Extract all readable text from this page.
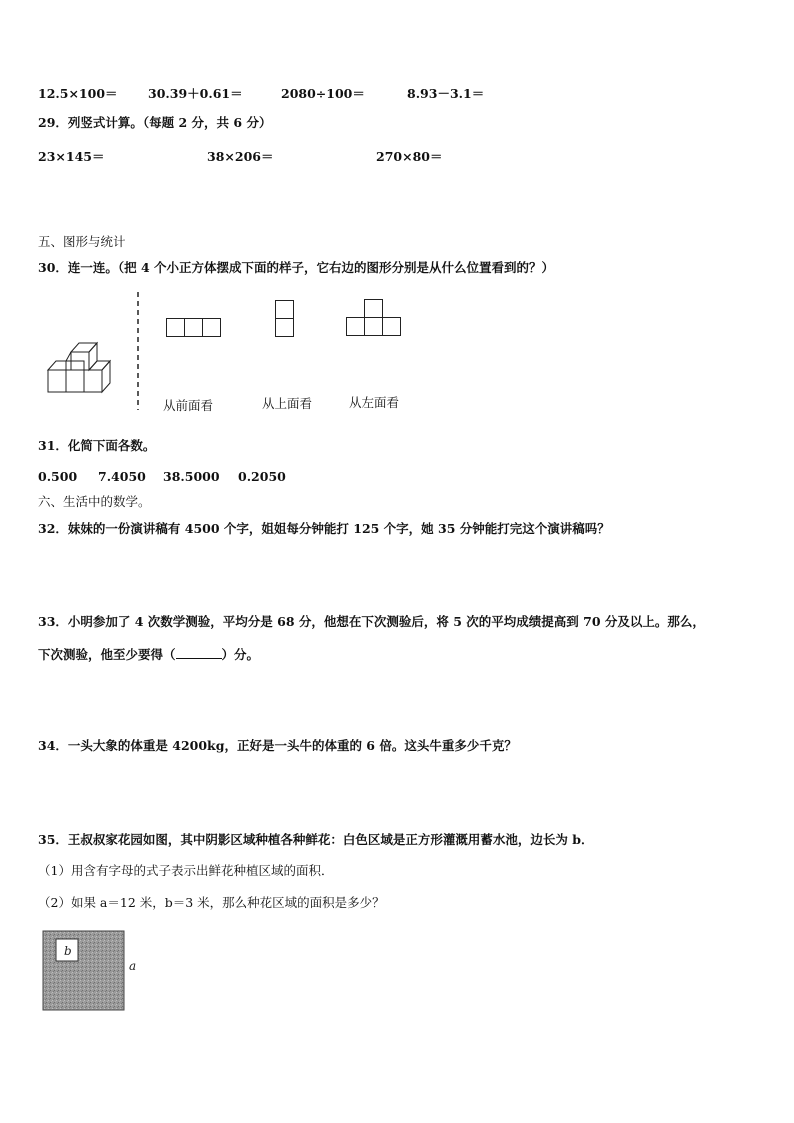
12.5×100＝ 30.39＋0.61＝	2080÷100＝	8.93－3.1＝
29．列竖式计算。（每题 2 分，共 6 分）
23×145＝	38×206＝	270×80＝
五、图形与统计
30．连一连。（把 4 个小正方体摆成下面的样子，它右边的图形分别是从什么位置看到的？）
从前面看	从上面看	从左面看
31．化简下面各数。
0.500 7.4050 38.5000 0.2050
六、生活中的数学。
32．妹妹的一份演讲稿有 4500 个字，姐姐每分钟能打 125 个字，她 35 分钟能打完这个演讲稿吗？
33．小明参加了 4 次数学测验，平均分是 68 分，他想在下次测验后，将 5 次的平均成绩提高到 70 分及以上。那么，
下次测验，他至少要得（	）分。
34．一头大象的体重是 4200kg，正好是一头牛的体重的 6 倍。这头牛重多少千克？
35．王叔叔家花园如图，其中阴影区域种植各种鲜花：白色区域是正方形灌溉用蓄水池，边长为 b．
（1）用含有字母的式子表示出鲜花种植区域的面积．
（2）如果 a＝12 米，b＝3 米，那么种花区域的面积是多少？
b
a
